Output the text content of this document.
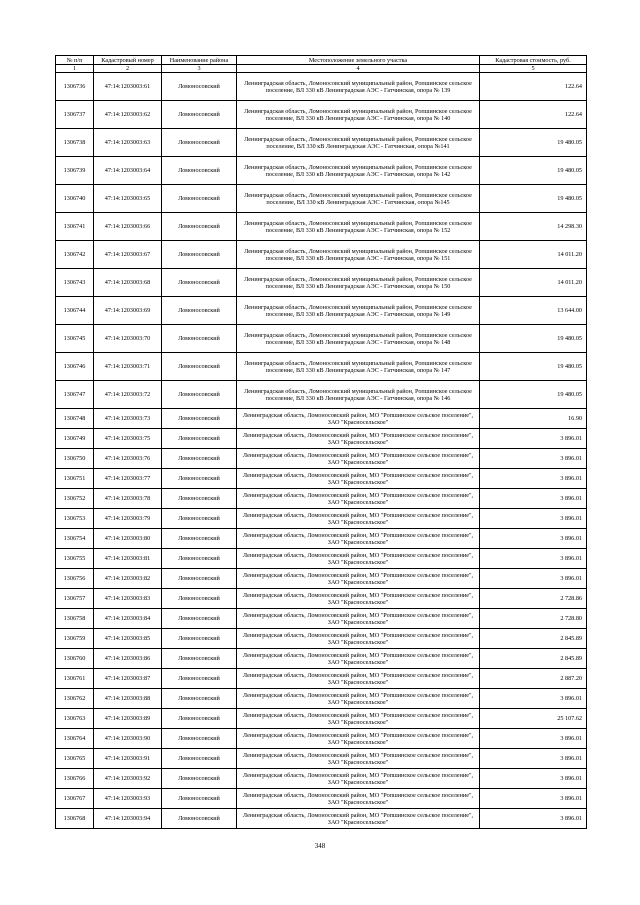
№ п/п	Кадастровый номер	Наименование района	Местоположение земельного участка	Кадастровая стоимость, руб.
1	2	3	4	5
1306736	47:14:1203003:61	Ломоносовский	Ленинградская область, Ломоносовский муниципальный район, Ропшинское сельское поселение, ВЛ 330 кВ Ленинградская АЭС - Гатчинская, опора № 139	122.64
1306737	47:14:1203003:62	Ломоносовский	Ленинградская область, Ломоносовский муниципальный район, Ропшинское сельское поселение, ВЛ 330 кВ Ленинградская АЭС - Гатчинская, опора № 140	122.64
1306738	47:14:1203003:63	Ломоносовский	Ленинградская область, Ломоносовский муниципальный район, Ропшинское сельское поселение, ВЛ 330 кВ Ленинградская АЭС - Гатчинская, опора №141	19 480.05
1306739	47:14:1203003:64	Ломоносовский	Ленинградская область, Ломоносовский муниципальный район, Ропшинское сельское поселение, ВЛ 330 кВ Ленинградская АЭС - Гатчинская, опора № 142	19 480.05
1306740	47:14:1203003:65	Ломоносовский	Ленинградская область, Ломоносовский муниципальный район, Ропшинское сельское поселение, ВЛ 330 кВ Ленинградская АЭС - Гатчинская, опора №145	19 480.05
1306741	47:14:1203003:66	Ломоносовский	Ленинградская область, Ломоносовский муниципальный район, Ропшинское сельское поселение, ВЛ 330 кВ Ленинградская АЭС - Гатчинская, опора № 152	14 298.30
1306742	47:14:1203003:67	Ломоносовский	Ленинградская область, Ломоносовский муниципальный район, Ропшинское сельское поселение, ВЛ 330 кВ Ленинградская АЭС - Гатчинская, опора № 151	14 011.20
1306743	47:14:1203003:68	Ломоносовский	Ленинградская область, Ломоносовский муниципальный район, Ропшинское сельское поселение, ВЛ 330 кВ Ленинградская АЭС - Гатчинская, опора № 150	14 011.20
1306744	47:14:1203003:69	Ломоносовский	Ленинградская область, Ломоносовский муниципальный район, Ропшинское сельское поселение, ВЛ 330 кВ Ленинградская АЭС - Гатчинская, опора № 149	13 644.00
1306745	47:14:1203003:70	Ломоносовский	Ленинградская область, Ломоносовский муниципальный район, Ропшинское сельское поселение, ВЛ 330 кВ Ленинградская АЭС - Гатчинская, опора № 148	19 480.05
1306746	47:14:1203003:71	Ломоносовский	Ленинградская область, Ломоносовский муниципальный район, Ропшинское сельское поселение, ВЛ 330 кВ Ленинградская АЭС - Гатчинская, опора № 147	19 480.05
1306747	47:14:1203003:72	Ломоносовский	Ленинградская область, Ломоносовский муниципальный район, Ропшинское сельское поселение, ВЛ 330 кВ Ленинградская АЭС - Гатчинская, опора № 146	19 480.05
1306748	47:14:1203003:73	Ломоносовский	Ленинградская область, Ломоносовский район, МО "Ропшинское сельское поселение", ЗАО "Красносельское"	16.90
1306749	47:14:1203003:75	Ломоносовский	Ленинградская область, Ломоносовский район, МО "Ропшинское сельское поселение", ЗАО "Красносельское"	3 896.01
1306750	47:14:1203003:76	Ломоносовский	Ленинградская область, Ломоносовский район, МО "Ропшинское сельское поселение", ЗАО "Красносельское"	3 896.01
1306751	47:14:1203003:77	Ломоносовский	Ленинградская область, Ломоносовский район, МО "Ропшинское сельское поселение", ЗАО "Красносельское"	3 896.01
1306752	47:14:1203003:78	Ломоносовский	Ленинградская область, Ломоносовский район, МО "Ропшинское сельское поселение", ЗАО "Красносельское"	3 896.01
1306753	47:14:1203003:79	Ломоносовский	Ленинградская область, Ломоносовский район, МО "Ропшинское сельское поселение", ЗАО "Красносельское"	3 896.01
1306754	47:14:1203003:80	Ломоносовский	Ленинградская область, Ломоносовский район, МО "Ропшинское сельское поселение", ЗАО "Красносельское"	3 896.01
1306755	47:14:1203003:81	Ломоносовский	Ленинградская область, Ломоносовский район, МО "Ропшинское сельское поселение", ЗАО "Красносельское"	3 896.01
1306756	47:14:1203003:82	Ломоносовский	Ленинградская область, Ломоносовский район, МО "Ропшинское сельское поселение", ЗАО "Красносельское"	3 896.01
1306757	47:14:1203003:83	Ломоносовский	Ленинградская область, Ломоносовский район, МО "Ропшинское сельское поселение", ЗАО "Красносельское"	2 728.86
1306758	47:14:1203003:84	Ломоносовский	Ленинградская область, Ломоносовский район, МО "Ропшинское сельское поселение", ЗАО "Красносельское"	2 728.80
1306759	47:14:1203003:85	Ломоносовский	Ленинградская область, Ломоносовский район, МО "Ропшинское сельское поселение", ЗАО "Красносельское"	2 845.89
1306760	47:14:1203003:86	Ломоносовский	Ленинградская область, Ломоносовский район, МО "Ропшинское сельское поселение", ЗАО "Красносельское"	2 845.89
1306761	47:14:1203003:87	Ломоносовский	Ленинградская область, Ломоносовский район, МО "Ропшинское сельское поселение", ЗАО "Красносельское"	2 887.20
1306762	47:14:1203003:88	Ломоносовский	Ленинградская область, Ломоносовский район, МО "Ропшинское сельское поселение", ЗАО "Красносельское"	3 896.01
1306763	47:14:1203003:89	Ломоносовский	Ленинградская область, Ломоносовский район, МО "Ропшинское сельское поселение", ЗАО "Красносельское"	25 107.62
1306764	47:14:1203003:90	Ломоносовский	Ленинградская область, Ломоносовский район, МО "Ропшинское сельское поселение", ЗАО "Красносельское"	3 896.01
1306765	47:14:1203003:91	Ломоносовский	Ленинградская область, Ломоносовский район, МО "Ропшинское сельское поселение", ЗАО "Красносельское"	3 896.01
1306766	47:14:1203003:92	Ломоносовский	Ленинградская область, Ломоносовский район, МО "Ропшинское сельское поселение", ЗАО "Красносельское"	3 896.01
1306767	47:14:1203003:93	Ломоносовский	Ленинградская область, Ломоносовский район, МО "Ропшинское сельское поселение", ЗАО "Красносельское"	3 896.01
1306768	47:14:1203003:94	Ломоносовский	Ленинградская область, Ломоносовский район, МО "Ропшинское сельское поселение", ЗАО "Красносельское"	3 896.01
348
